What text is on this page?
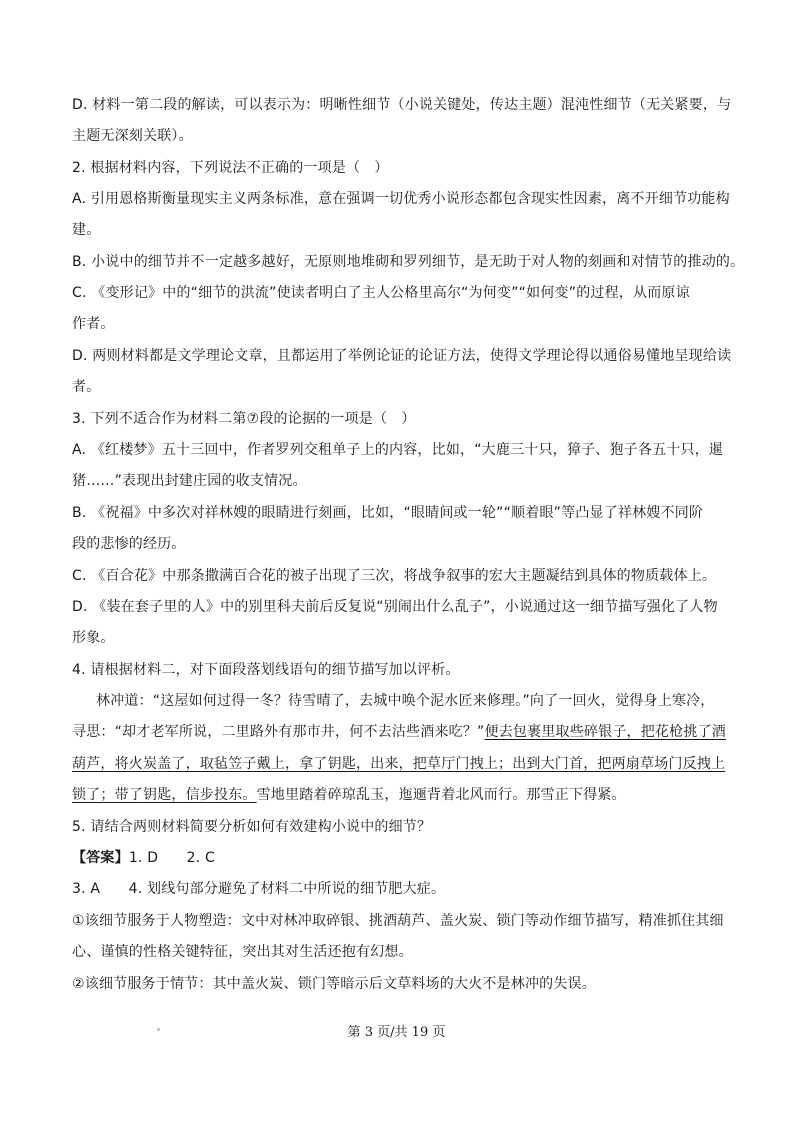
D. 材料一第二段的解读，可以表示为：明晰性细节（小说关键处，传达主题）混沌性细节（无关紧要，与
主题无深刻关联）。
2. 根据材料内容，下列说法不正确的一项是（　）
A. 引用恩格斯衡量现实主义两条标准，意在强调一切优秀小说形态都包含现实性因素，离不开细节功能构
建。
B. 小说中的细节并不一定越多越好，无原则地堆砌和罗列细节，是无助于对人物的刻画和对情节的推动的。
C. 《变形记》中的“细节的洪流”使读者明白了主人公格里高尔“为何变”“如何变”的过程，从而原谅
作者。
D. 两则材料都是文学理论文章，且都运用了举例论证的论证方法，使得文学理论得以通俗易懂地呈现给读
者。
3. 下列不适合作为材料二第⑦段的论据的一项是（　）
A. 《红楼梦》五十三回中，作者罗列交租单子上的内容，比如，“大鹿三十只，獐子、狍子各五十只，暹
猪……”表现出封建庄园的收支情况。
B. 《祝福》中多次对祥林嫂的眼睛进行刻画，比如，“眼睛间或一轮”“顺着眼”等凸显了祥林嫂不同阶
段的悲惨的经历。
C. 《百合花》中那条撒满百合花的被子出现了三次，将战争叙事的宏大主题凝结到具体的物质载体上。
D. 《装在套子里的人》中的别里科夫前后反复说“别闹出什么乱子”，小说通过这一细节描写强化了人物
形象。
4. 请根据材料二，对下面段落划线语句的细节描写加以评析。
林冲道：“这屋如何过得一冬？待雪晴了，去城中唤个泥水匠来修理。”向了一回火，觉得身上寒冷，
寻思：“却才老军所说，二里路外有那市井，何不去沽些酒来吃？”便去包裹里取些碎银子，把花枪挑了酒
葫芦，将火炭盖了，取毡笠子戴上，拿了钥匙，出来，把草厅门拽上；出到大门首，把两扇草场门反拽上
锁了；带了钥匙，信步投东。雪地里踏着碎琼乱玉，迤逦背着北风而行。那雪正下得紧。
5. 请结合两则材料简要分析如何有效建构小说中的细节？
【答案】1. D　　2. C
3. A　　4. 划线句部分避免了材料二中所说的细节肥大症。
①该细节服务于人物塑造：文中对林冲取碎银、挑酒葫芦、盖火炭、锁门等动作细节描写，精准抓住其细
心、谨慎的性格关键特征，突出其对生活还抱有幻想。
②该细节服务于情节：其中盖火炭、锁门等暗示后文草料场的大火不是林冲的失误。
第 3 页/共 19 页
